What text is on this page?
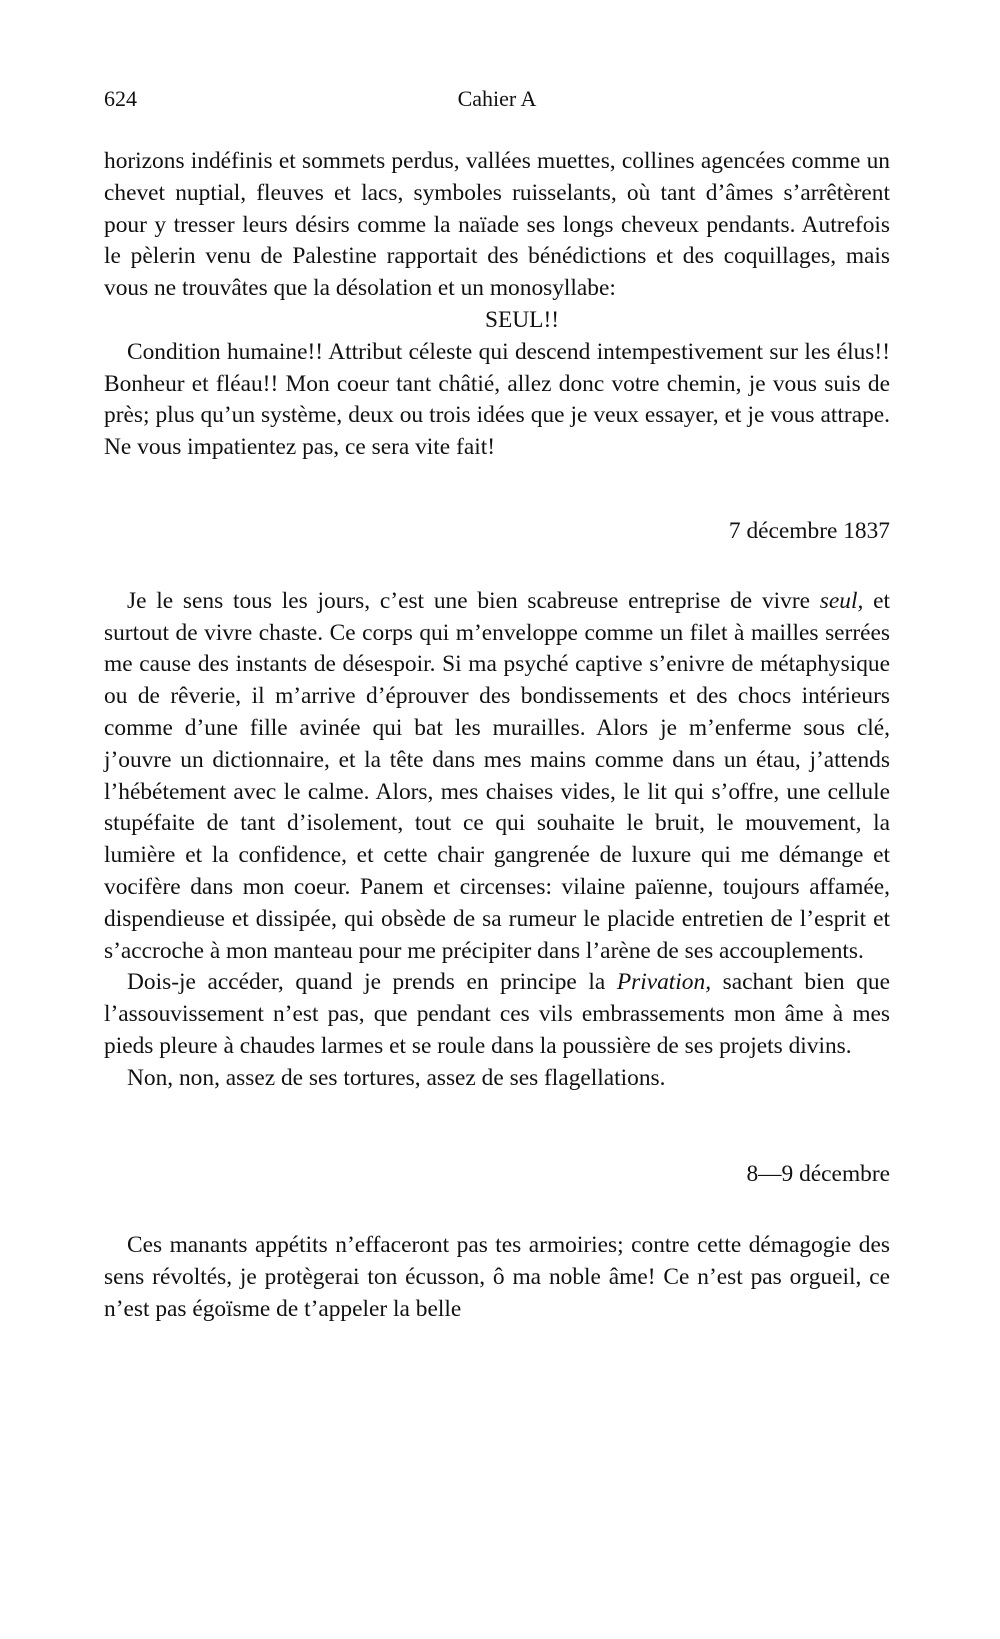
624	Cahier A

horizons indéfinis et sommets perdus, vallées muettes, collines agencées comme un chevet nuptial, fleuves et lacs, symboles ruisselants, où tant d’âmes s’arrêtèrent pour y tresser leurs désirs comme la naïade ses longs cheveux pendants. Autrefois le pèlerin venu de Palestine rapportait des bénédictions et des coquillages, mais vous ne trouvâtes que la désolation et un monosyllabe:

SEUL!!

Condition humaine!! Attribut céleste qui descend intempestivement sur les élus!! Bonheur et fléau!! Mon coeur tant châtié, allez donc votre chemin, je vous suis de près; plus qu’un système, deux ou trois idées que je veux essayer, et je vous attrape. Ne vous impatientez pas, ce sera vite fait!

7 décembre 1837

Je le sens tous les jours, c’est une bien scabreuse entreprise de vivre seul, et surtout de vivre chaste. Ce corps qui m’enveloppe comme un filet à mailles serrées me cause des instants de désespoir. Si ma psyché captive s’enivre de métaphysique ou de rêverie, il m’arrive d’éprouver des bondissements et des chocs intérieurs comme d’une fille avinée qui bat les murailles. Alors je m’enferme sous clé, j’ouvre un dictionnaire, et la tête dans mes mains comme dans un étau, j’attends l’hébétement avec le calme. Alors, mes chaises vides, le lit qui s’offre, une cellule stupéfaite de tant d’isolement, tout ce qui souhaite le bruit, le mouvement, la lumière et la confidence, et cette chair gangrenée de luxure qui me démange et vocifère dans mon coeur. Panem et circenses: vilaine païenne, toujours affamée, dispendieuse et dissipée, qui obsède de sa rumeur le placide entretien de l’esprit et s’accroche à mon manteau pour me précipiter dans l’arène de ses accouplements.

Dois-je accéder, quand je prends en principe la Privation, sachant bien que l’assouvissement n’est pas, que pendant ces vils embrassements mon âme à mes pieds pleure à chaudes larmes et se roule dans la poussière de ses projets divins.

Non, non, assez de ses tortures, assez de ses flagellations.

8—9 décembre

Ces manants appétits n’effaceront pas tes armoiries; contre cette démagogie des sens révoltés, je protègerai ton écusson, ô ma noble âme! Ce n’est pas orgueil, ce n’est pas égoïsme de t’appeler la belle
